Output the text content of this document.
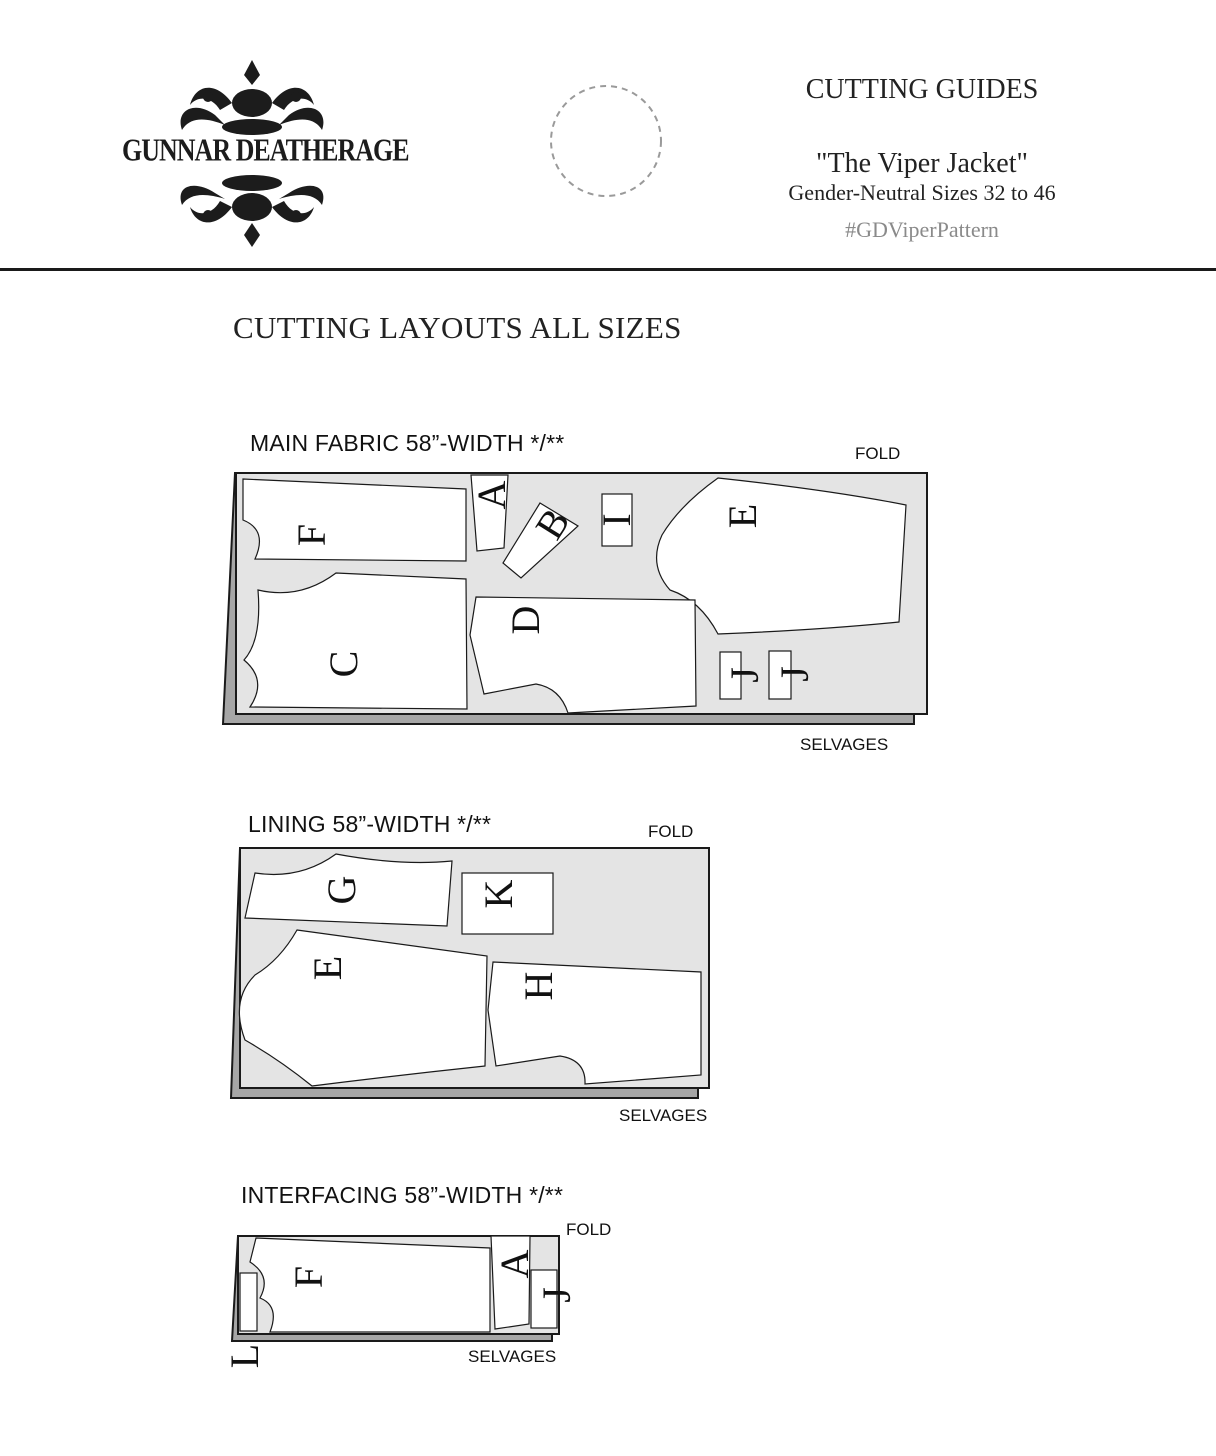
GUNNAR DEATHERAGE
CUTTING GUIDES
"The Viper Jacket"
Gender-Neutral Sizes 32 to 46
#GDViperPattern
CUTTING LAYOUTS ALL SIZES
MAIN FABRIC 58”-WIDTH */**	FOLD
SELVAGES
F
A
B I E
C
D
J J
LINING 58”-WIDTH */**	FOLD
SELVAGES
G	K
E
H
INTERFACING 58”-WIDTH */**
FOLD
SELVAGES
F	A
J
L
